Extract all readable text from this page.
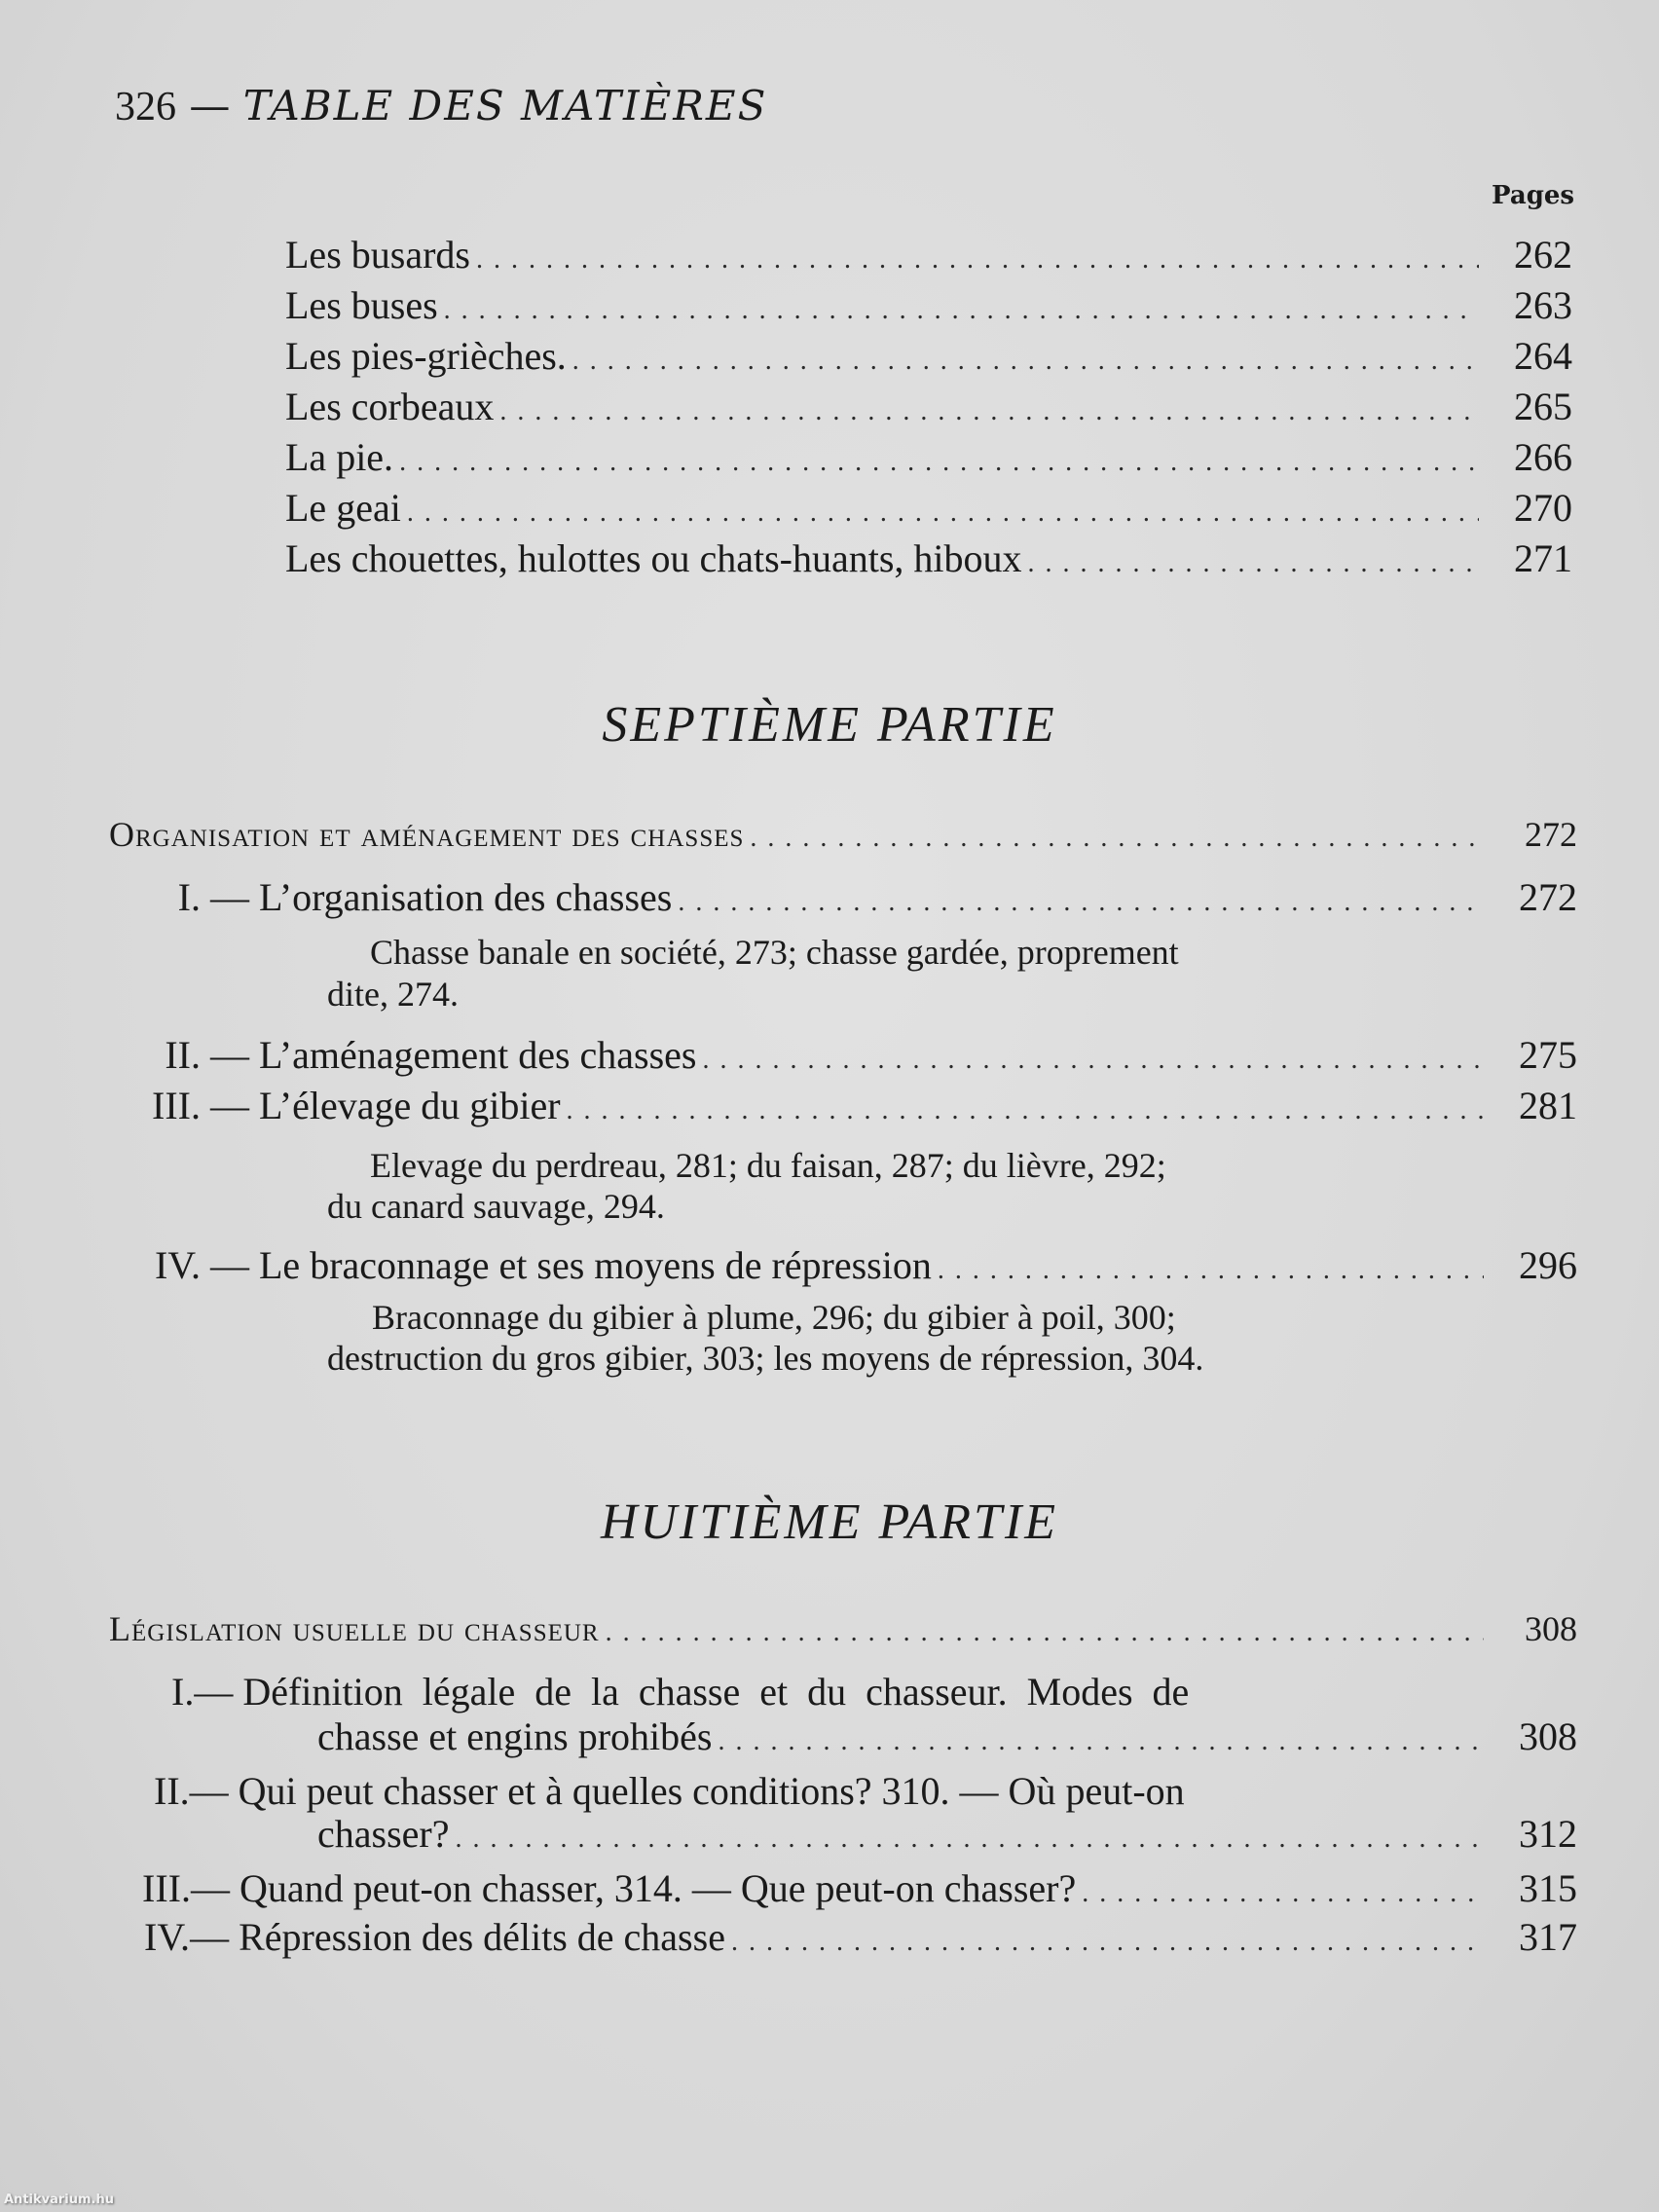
326 — TABLE DES MATIÈRES
Pages
Les busards . . .	262
Les buses . . .	263
Les pies-grièches. . . .	264
Les corbeaux . . .	265
La pie. . . .	266
Le geai . . .	270
Les chouettes, hulottes ou chats-huants, hiboux . . .	271
SEPTIÈME PARTIE
Organisation et aménagement des chasses . . .	272
I. — L’organisation des chasses . . .	272
Chasse banale en société, 273; chasse gardée, proprement
dite, 274.
II. — L’aménagement des chasses . . .	275
III. — L’élevage du gibier . . .	281
Elevage du perdreau, 281; du faisan, 287; du lièvre, 292;
du canard sauvage, 294.
IV. — Le braconnage et ses moyens de répression . . .	296
Braconnage du gibier à plume, 296; du gibier à poil, 300;
destruction du gros gibier, 303; les moyens de répression, 304.
HUITIÈME PARTIE
Législation usuelle du chasseur . . .	308
I.— Définition légale de la chasse et du chasseur. Modes de
chasse et engins prohibés . . .	308
II.— Qui peut chasser et à quelles conditions? 310. — Où peut-on
chasser? . . .	312
III.— Quand peut-on chasser, 314. — Que peut-on chasser? . . .	315
IV.— Répression des délits de chasse . . .	317
Antikvarium.hu
